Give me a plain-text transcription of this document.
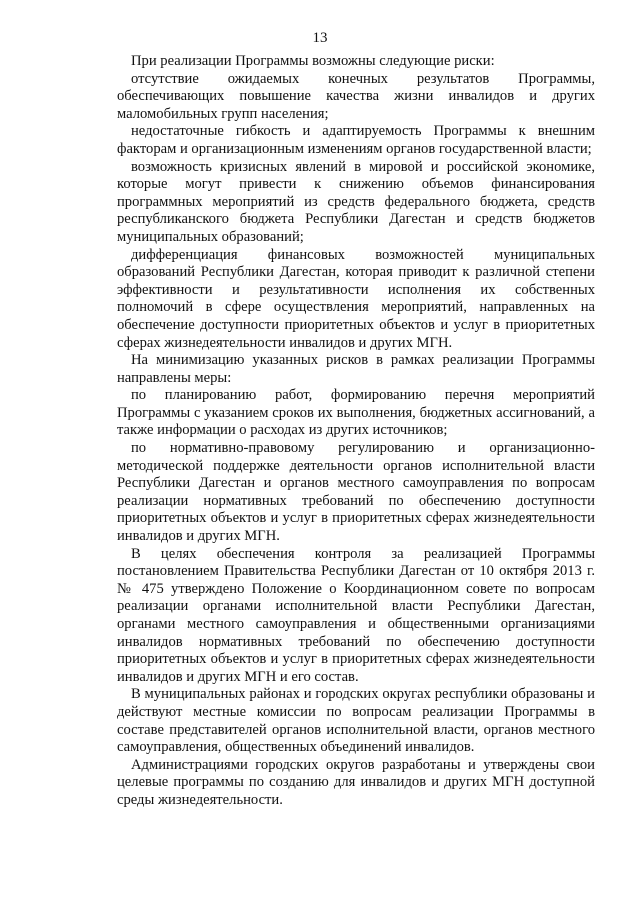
13

При реализации Программы возможны следующие риски:

отсутствие ожидаемых конечных результатов Программы, обеспечивающих повышение качества жизни инвалидов и других маломобильных групп населения;

недостаточные гибкость и адаптируемость Программы к внешним факторам и организационным изменениям органов государственной власти;

возможность кризисных явлений в мировой и российской экономике, которые могут привести к снижению объемов финансирования программных мероприятий из средств федерального бюджета, средств республиканского бюджета Республики Дагестан и средств бюджетов муниципальных образований;

дифференциация финансовых возможностей муниципальных образований Республики Дагестан, которая приводит к различной степени эффективности и результативности исполнения их собственных полномочий в сфере осуществления мероприятий, направленных на обеспечение доступности приоритетных объектов и услуг в приоритетных сферах жизнедеятельности инвалидов и других МГН.

На минимизацию указанных рисков в рамках реализации Программы направлены меры:

по планированию работ, формированию перечня мероприятий Программы с указанием сроков их выполнения, бюджетных ассигнований, а также информации о расходах из других источников;

по нормативно-правовому регулированию и организационно-методической поддержке деятельности органов исполнительной власти Республики Дагестан и органов местного самоуправления по вопросам реализации нормативных требований по обеспечению доступности приоритетных объектов и услуг в приоритетных сферах жизнедеятельности инвалидов и других МГН.

В целях обеспечения контроля за реализацией Программы постановлением Правительства Республики Дагестан от 10 октября 2013 г. № 475 утверждено Положение о Координационном совете по вопросам реализации органами исполнительной власти Республики Дагестан, органами местного самоуправления и общественными организациями инвалидов нормативных требований по обеспечению доступности приоритетных объектов и услуг в приоритетных сферах жизнедеятельности инвалидов и других МГН и его состав.

В муниципальных районах и городских округах республики образованы и действуют местные комиссии по вопросам реализации Программы в составе представителей органов исполнительной власти, органов местного самоуправления, общественных объединений инвалидов.

Администрациями городских округов разработаны и утверждены свои целевые программы по созданию для инвалидов и других МГН доступной среды жизнедеятельности.
